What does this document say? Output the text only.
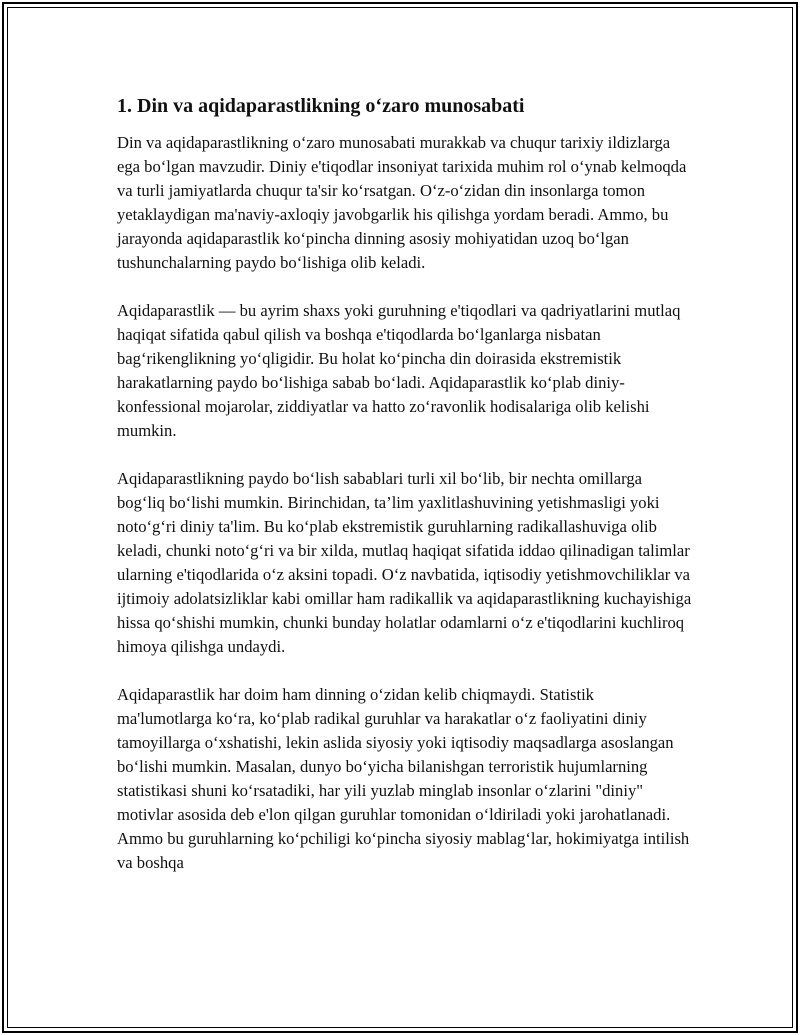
1. Din va aqidaparastlikning o‘zaro munosabati

Din va aqidaparastlikning o‘zaro munosabati murakkab va chuqur tarixiy ildizlarga ega bo‘lgan mavzudir. Diniy e'tiqodlar insoniyat tarixida muhim rol o‘ynab kelmoqda va turli jamiyatlarda chuqur ta'sir ko‘rsatgan. O‘z-o‘zidan din insonlarga tomon yetaklaydigan ma'naviy-axloqiy javobgarlik his qilishga yordam beradi. Ammo, bu jarayonda aqidaparastlik ko‘pincha dinning asosiy mohiyatidan uzoq bo‘lgan tushunchalarning paydo bo‘lishiga olib keladi.

Aqidaparastlik — bu ayrim shaxs yoki guruhning e'tiqodlari va qadriyatlarini mutlaq haqiqat sifatida qabul qilish va boshqa e'tiqodlarda bo‘lganlarga nisbatan bag‘rikenglikning yo‘qligidir. Bu holat ko‘pincha din doirasida ekstremistik harakatlarning paydo bo‘lishiga sabab bo‘ladi. Aqidaparastlik ko‘plab diniy-konfessional mojarolar, ziddiyatlar va hatto zo‘ravonlik hodisalariga olib kelishi mumkin.

Aqidaparastlikning paydo bo‘lish sabablari turli xil bo‘lib, bir nechta omillarga bog‘liq bo‘lishi mumkin. Birinchidan, ta’lim yaxlitlashuvining yetishmasligi yoki noto‘g‘ri diniy ta'lim. Bu ko‘plab ekstremistik guruhlarning radikallashuviga olib keladi, chunki noto‘g‘ri va bir xilda, mutlaq haqiqat sifatida iddao qilinadigan talimlar ularning e'tiqodlarida o‘z aksini topadi. O‘z navbatida, iqtisodiy yetishmovchiliklar va ijtimoiy adolatsizliklar kabi omillar ham radikallik va aqidaparastlikning kuchayishiga hissa qo‘shishi mumkin, chunki bunday holatlar odamlarni o‘z e'tiqodlarini kuchliroq himoya qilishga undaydi.

Aqidaparastlik har doim ham dinning o‘zidan kelib chiqmaydi. Statistik ma'lumotlarga ko‘ra, ko‘plab radikal guruhlar va harakatlar o‘z faoliyatini diniy tamoyillarga o‘xshatishi, lekin aslida siyosiy yoki iqtisodiy maqsadlarga asoslangan bo‘lishi mumkin. Masalan, dunyo bo‘yicha bilanishgan terroristik hujumlarning statistikasi shuni ko‘rsatadiki, har yili yuzlab minglab insonlar o‘zlarini "diniy" motivlar asosida deb e'lon qilgan guruhlar tomonidan o‘ldiriladi yoki jarohatlanadi. Ammo bu guruhlarning ko‘pchiligi ko‘pincha siyosiy mablag‘lar, hokimiyatga intilish va boshqa
